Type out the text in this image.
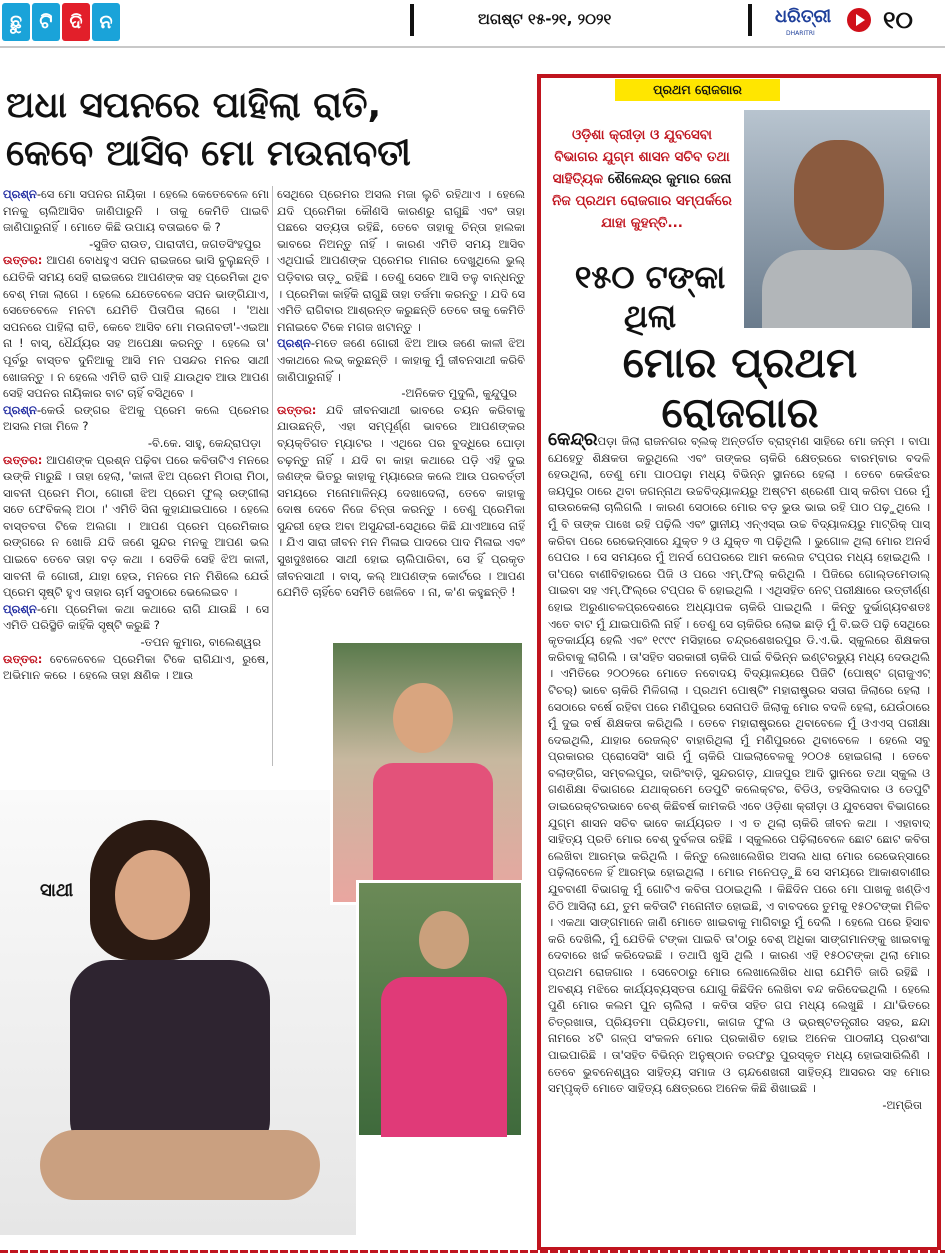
ଛୁ ଟି ଦି ନ	ଅଗଷ୍ଟ ୧୫-୨୧, ୨୦୨୧	ଧରିତ୍ରୀ
DHARITRI	୧୦
ଅଧା ସପନରେ ପାହିଲା ରାତି,
କେବେ ଆସିବ ମୋ ମଉନାବତୀ

ପ୍ରଶ୍ନ-ସେ ମୋ ସପନର ନାୟିକା । ହେଲେ କେତେବେଳେ ମୋ ମନକୁ ଚାଲିଆସିବ ଜାଣିପାରୁନି । ତାକୁ କେମିତି ପାଇବି ଜାଣିପାରୁନାହିଁ । ମୋତେ କିଛି ଉପାୟ ବତାଇବେ କି ?

-ସୁଜିତ ରାଉତ, ପାରାଦୀପ, ଜଗତସିଂହପୁର

ଉତ୍ତର: ଆପଣ ବୋଧହୁଏ ସପନ ରାଇଜରେ ଭାସି ବୁଲୁଛନ୍ତି । ଯେତିକି ସମୟ ସେହି ରାଇଜରେ ଆପଣଙ୍କ ସହ ପ୍ରେମିକା ଥିବ ବେଶ୍ ମଜା ଲାଗେ । ହେଲେ ଯେତେବେଳେ ସପନ ଭାଙ୍ଗିଯାଏ, ସେତେବେଳେ ମନଟା ଯେମିତି ପିତାପିତା ଲାଗେ । 'ଅଧା ସପନରେ ପାହିଲା ରାତି, କେବେ ଆସିବ ମୋ ମଉନାବତୀ'-ଏଇଆ ନା ! ବାସ୍, ଧୈର୍ଯ୍ୟର ସହ ଅପେକ୍ଷା କରନ୍ତୁ । ହେଲେ ତା' ପୂର୍ବରୁ ବାସ୍ତବ ଦୁନିଆକୁ ଆସି ମନ ପସନ୍ଦର ମନର ସାଥୀ ଖୋଜନ୍ତୁ । ନ ହେଲେ ଏମିତି ରାତି ପାହି ଯାଉଥିବ ଆଉ ଆପଣ ସେହି ସପନର ନାୟିକାର ବାଟ ଚାହିଁ ବସିଥିବେ ।

ପ୍ରଶ୍ନ-କେଉଁ ରଙ୍ଗର ଝିଅକୁ ପ୍ରେମ କଲେ ପ୍ରେମର ଅସଲ ମଜା ମିଳେ ?

-ବି.କେ. ସାହୁ, କେନ୍ଦ୍ରାପଡ଼ା

ଉତ୍ତର: ଆପଣଙ୍କ ପ୍ରଶ୍ନ ପଢ଼ିବା ପରେ କବିତାଟିଏ ମନରେ ଉଙ୍କି ମାରୁଛି । ତାହା ହେଲା, 'କାଳୀ ଝିଅ ପ୍ରେମ ମିଠାରା ମିଠା, ସାବନୀ ପ୍ରେମ ମିଠା, ଗୋରୀ ଝିଅ ପ୍ରେମ ଫୁଲ୍ ରଙ୍ଗୀଲା ସତେ ଫେବିକଲ୍ ଅଠା ।' ଏମିତି ସିନା କୁହାଯାଇପାରେ । ହେଲେ ବାସ୍ତବତା ଟିକେ ଅଲଗା । ଆପଣ ପ୍ରେମ ପ୍ରେମିକାର ରଙ୍ଗରେ ନ ଖୋଜି ଯଦି ଜଣେ ସୁନ୍ଦର ମନକୁ ଆପଣ ଭଲ ପାଇବେ ତେବେ ତାହା ବଡ଼ କଥା । ସେତିକି ସେହି ଝିଅ କାଳୀ, ସାବନୀ କି ଗୋରୀ, ଯାହା ହେଉ, ମନରେ ମନ ମିଶିଲେ ଯେଉଁ ପ୍ରେମ ସୃଷ୍ଟି ହୁଏ ତାହାର ଚାର୍ମ ସବୁଠାରେ ଭେଲେଇବ ।

ପ୍ରଶ୍ନ-ମୋ ପ୍ରେମିକା କଥା କଥାରେ ରାଗି ଯାଉଛି । ସେ ଏମିତି ପରିସ୍ଥିତି କାହିଁକି ସୃଷ୍ଟି କରୁଛି ?

-ତପନ କୁମାର, ବାଲେଶ୍ୱର

ଉତ୍ତର: ବେଳେବେଳେ ପ୍ରେମିକା ଟିକେ ରାଗିଯାଏ, ରୁଷେ, ଅଭିମାନ କରେ । ହେଲେ ତାହା କ୍ଷଣିକ । ଆଉ

ସେଥିରେ ପ୍ରେମର ଅସଲ ମଜା ଲୁଚି ରହିଥାଏ । ହେଲେ ଯଦି ପ୍ରେମିକା କୌଣସି କାରଣରୁ ରାଗୁଛି ଏବଂ ତାହା ପଛରେ ସତ୍ୟତା ରହିଛି, ତେବେ ତାହାକୁ ଚିନ୍ତା ହାଲକା ଭାବରେ ନିଅନ୍ତୁ ନାହିଁ । କାରଣ ଏମିତି ସମୟ ଆସିବ ଏଥିପାଇଁ ଆପଣଙ୍କ ପ୍ରେମର ମାନାର ଦେଖୁଥିଲେ ଭୁଲ୍ ପଡ଼ିବାର ତାଡ଼ୁ ରହିଛି । ତେଣୁ ସେବେ ଆସି ତଳୁ ବାନ୍ଧନ୍ତୁ । ପ୍ରେମିକା କାହିଁକି ରାଗୁଛି ତାହା ତର୍ଜମା କରନ୍ତୁ । ଯଦି ସେ ଏମିତି ରାଗିବାର ଆଶ୍ରନ୍ତ କରୁଛନ୍ତି ତେବେ ତାକୁ କେମିତି ମନାଇବେ ଟିକେ ମଗଜ ଖଟାନ୍ତୁ ।

ପ୍ରଶ୍ନ-ମତେ ଜଣେ ଗୋରୀ ଝିଅ ଆଉ ଜଣେ କାଳୀ ଝିଅ ଏକାଥରେ ଲଭ୍ କରୁଛନ୍ତି । କାହାକୁ ମୁଁ ଜୀବନସାଥୀ କରିବି ଜାଣିପାରୁନାହିଁ ।

-ଅନିକେତ ମୁଦୁଲି, କୁନ୍ଦୁପୁର

ଉତ୍ତର: ଯଦି ଜୀବନସାଥୀ ଭାବରେ ଚୟନ କରିବାକୁ ଯାଉଛନ୍ତି, ଏହା ସମ୍ପୂର୍ଣ୍ଣ ଭାବରେ ଆପଣଙ୍କର ବ୍ୟକ୍ତିଗତ ମ୍ୟାଟର । ଏଥିରେ ପର ବୁଦ୍ଧିରେ ଘୋଡ଼ା ଚଢ଼ନ୍ତୁ ନାହିଁ । ଯଦି ବା କାହା କଥାରେ ପଡ଼ି ଏହି ଦୁଇ ଜଣଙ୍କ ଭିତରୁ କାହାକୁ ମ୍ୟାରେଜ କଲେ ଆଉ ପରବର୍ତ୍ତୀ ସମୟରେ ମନୋମାଳିନ୍ୟ ଦେଖାଦେଲା, ତେବେ କାହାକୁ ଦୋଷ ଦେବେ ନିଜେ ଚିନ୍ତା କରନ୍ତୁ । ତେଣୁ ପ୍ରେମିକା ସୁନ୍ଦରୀ ହେଉ ଅବା ଅସୁନ୍ଦରୀ-ସେଥିରେ କିଛି ଯାଏଆସେ ନାହିଁ । ଯିଏ ସାରା ଜୀବନ ମନ ମିଳାଇ ପାଦରେ ପାଦ ମିଳାଇ ଏବଂ ସୁଖଦୁଃଖରେ ସାଥୀ ହୋଇ ଚାଲିପାରିବା, ସେ ହିଁ ପ୍ରକୃତ ଜୀବନସାଥୀ । ବାସ୍, କଲ୍ ଆପଣଙ୍କ କୋର୍ଟରେ । ଆପଣ ଯେମିତି ଚାହିଁବେ ସେମିତି ଖେଳିବେ । ନା, କ'ଣ କହୁଛନ୍ତି !

ସାଥୀ
ପ୍ରଥମ ରୋଜଗାର
ଓଡ଼ିଶା କ୍ରୀଡ଼ା ଓ ଯୁବସେବା ବିଭାଗର ଯୁଗ୍ମ ଶାସନ ସଚିବ ତଥା ସାହିତ୍ୟିକ ଶୈଳେନ୍ଦ୍ର କୁମାର ଜେନା ନିଜ ପ୍ରଥମ ରୋଜଗାର ସମ୍ପର୍କରେ ଯାହା କୁହନ୍ତି...
୧୫୦ ଟଙ୍କା ଥିଲା
ମୋର ପ୍ରଥମ ରୋଜଗାର

କେନ୍ଦ୍ରପଡ଼ା ଜିଲା ରାଜନଗର ବ୍ଲକ୍ ଅନ୍ତର୍ଗତ ବ୍ରାହ୍ମଣ ସାହିରେ ମୋ ଜନ୍ମ । ବାପା ଯେହେତୁ ଶିକ୍ଷକତା କରୁଥିଲେ ଏବଂ ତାଙ୍କର ଚାକିରି କ୍ଷେତ୍ରରେ ବାରମ୍ବାର ବଦଳି ହେଉଥିଲା, ତେଣୁ ମୋ ପାଠପଢ଼ା ମଧ୍ୟ ବିଭିନ୍ନ ସ୍ଥାନରେ ହେଲା । ତେବେ କେଉଁଝର ଜୟପୁର ଠାରେ ଥିବା ଜଗନ୍ନାଥ ଉଚ୍ଚବିଦ୍ୟାଳୟରୁ ଅଷ୍ଟମ ଶ୍ରେଣୀ ପାସ୍ କରିବା ପରେ ମୁଁ ରାଉରକେଲା ଚାଲିଗଲି । କାରଣ ସେଠାରେ ମୋର ବଡ଼ ଭୁଉ ଭାଇ ରହି ପାଠ ପଢ଼ୁଥିଲେ । ମୁଁ ବି ତାଙ୍କ ପାଖେ ରହି ପଢ଼ିଲି ଏବଂ ସ୍ଥାନୀୟ ଏନ୍ଏସ୍ଇ ଉଚ୍ଚ ବିଦ୍ୟାଳୟରୁ ମାଟ୍ରିକ୍ ପାସ୍ କରିବା ପରେ ରେଭେନ୍ସାରେ ଯୁକ୍ତ ୨ ଓ ଯୁକ୍ତ ୩ ପଢ଼ିଥିଲି । ଭୁଗୋଳ ଥିଲା ମୋର ଅନର୍ସ ପେପର । ସେ ସମୟରେ ମୁଁ ଅନର୍ସ ପେପରରେ ଆମ କଲେଜ ଟପ୍ପର ମଧ୍ୟ ହୋଇଥିଲି । ତା'ପରେ ବାଣୀବିହାରରେ ପିଜି ଓ ପରେ ଏମ୍.ଫିଲ୍ କରିଥିଲି । ପିଜିରେ ଗୋଲ୍ଡମେଡାଲ୍ ପାଇବା ସହ ଏମ୍.ଫିଲ୍‌ରେ ଟପ୍ପର ବି ହୋଇଥିଲି । ଏଥିସହିତ ନେଟ୍ ପରୀକ୍ଷାରେ ଉତ୍ତୀର୍ଣ୍ଣ ହୋଇ ଅରୁଣାଚଳପ୍ରଦେଶରେ ଅଧ୍ୟାପକ ଚାକିରି ପାଇଥିଲି । କିନ୍ତୁ ଦୁର୍ଭାଗ୍ୟବଶତଃ ଏତେ ବାଟ ମୁଁ ଯାଇପାରିଲି ନାହିଁ । ତେଣୁ ସେ ଚାକିରିର ଲୋଭ ଛାଡ଼ି ମୁଁ ବି.ଇଡି ପଢ଼ି ସେଥିରେ କୃତକାର୍ଯ୍ୟ ହେଲି ଏବଂ ୧୯୯୯ ମସିହାରେ ଚନ୍ଦ୍ରଶେଖରପୁର ଡି.ଏ.ଭି. ସ୍କୁଲରେ ଶିକ୍ଷକତା କରିବାକୁ ଲାଗିଲି । ତା'ସହିତ ସରକାରୀ ଚାକିରି ପାଇଁ ବିଭିନ୍ନ ଇଣ୍ଟରଭ୍ୟୁ ମଧ୍ୟ ଦେଉଥିଲି । ଏମିତିରେ ୨୦୦୨ରେ ମୋତେ ନବୋଦୟ ବିଦ୍ୟାଳୟରେ ପିଜିଟି (ପୋଷ୍ଟ ଗ୍ରାଜୁଏଟ୍ ଟିଚର୍) ଭାବେ ଚାକିରି ମିଳିଗଲା । ପ୍ରଥମ ପୋଷ୍ଟିଂ ମହାରାଷ୍ଟ୍ରର ସତାରା ଜିଲାରେ ହେଲା । ସେଠାରେ ବର୍ଷେ ରହିବା ପରେ ମଣିପୁରର ସେନାପତି ଜିଲାକୁ ମୋର ବଦଳି ହେଲା, ଯେଉଁଠାରେ ମୁଁ ଦୁଇ ବର୍ଷ ଶିକ୍ଷକତା କରିଥିଲି । ତେବେ ମହାରାଷ୍ଟ୍ରରେ ଥିବାବେଳେ ମୁଁ ଓଏଏସ୍ ପରୀକ୍ଷା ଦେଇଥିଲି, ଯାହାର ରେଜଲ୍ଟ ବାହାରିଥିଲା ମୁଁ ମଣିପୁରରେ ଥିବାବେଳେ । ହେଲେ ସବୁ ପ୍ରକାରର ପ୍ରୋସେସିଂ ସାରି ମୁଁ ଚାକିରି ପାଇଲାବେଳକୁ ୨୦୦୫ ହୋଇଗଲା । ତେବେ ବଲାଙ୍ଗିର, ସମ୍ବଲପୁର, ଦାରିଂବାଡ଼ି, ସୁନ୍ଦରଗଡ଼, ଯାଜପୁର ଆଦି ସ୍ଥାନରେ ତଥା ସ୍କୁଲ ଓ ଗଣଶିକ୍ଷା ବିଭାଗରେ ଯଥାକ୍ରମେ ଡେପୁଟି କଲେକ୍ଟର, ବିଡିଓ, ତହସିଲଦାର ଓ ଡେପୁଟି ଡାଇରେକ୍ଟରଭାବେ ବେଶ୍ କିଛିବର୍ଷ କାମକରି ଏବେ ଓଡ଼ିଶା କ୍ରୀଡ଼ା ଓ ଯୁବସେବା ବିଭାଗରେ ଯୁଗ୍ମ ଶାସନ ସଚିବ ଭାବେ କାର୍ଯ୍ୟରତ । ଏ ତ ଥିଲା ଚାକିରି ଜୀବନ କଥା । ଏହାବାଦ୍ ସାହିତ୍ୟ ପ୍ରତି ମୋର ବେଶ୍ ଦୁର୍ବଳତା ରହିଛି । ସ୍କୁଲରେ ପଢ଼ିଲାବେଳେ ଛୋଟ ଛୋଟ କବିତା ଲେଖିବା ଆରମ୍ଭ କରିଥିଲି । କିନ୍ତୁ ଲେଖାଲେଖିର ଅସଲ ଧାରା ମୋର ରେଭେନ୍ସାରେ ପଢ଼ିଲାବେଳେ ହିଁ ଆରମ୍ଭ ହୋଇଥିଲା । ମୋର ମନେପଡ଼ୁଛି ସେ ସମୟରେ ଆକାଶବାଣୀର ଯୁବବାଣୀ ବିଭାଗକୁ ମୁଁ ଗୋଟିଏ କବିତା ପଠାଇଥିଲି । କିଛିଦିନ ପରେ ମୋ ପାଖକୁ ଖଣ୍ଡିଏ ଚିଠି ଆସିଲା ଯେ, ତୁମ କବିତାଟି ମନୋନୀତ ହୋଇଛି, ଏ ବାବଦରେ ତୁମକୁ ୧୫୦ଟଙ୍କା ମିଳିବ । ଏକଥା ସାଙ୍ଗମାନେ ଜାଣି ମୋତେ ଖାଇବାକୁ ମାଗିବାରୁ ମୁଁ ଦେଲି । ହେଲେ ପରେ ହିସାବ କରି ଦେଖିଲି, ମୁଁ ଯେତିକି ଟଙ୍କା ପାଇବି ତା'ଠାରୁ ବେଶ୍ ଅଧିକା ସାଙ୍ଗମାନଙ୍କୁ ଖାଇବାକୁ ଦେବାରେ ଖର୍ଚ୍ଚ କରିଦେଇଛି । ତଥାପି ଖୁସି ଥିଲି । କାରଣ ଏହି ୧୫୦ଟଙ୍କା ଥିଲା ମୋର ପ୍ରଥମ ରୋଜଗାର । ସେବେଠାରୁ ମୋର ଲେଖାଲେଖିର ଧାରା ଯେମିତି ଜାରି ରହିଛି । ଅବଶ୍ୟ ମଝିରେ କାର୍ଯ୍ୟବ୍ୟସ୍ତତା ଯୋଗୁ କିଛିଦିନ ଲେଖିବା ବନ୍ଦ କରିଦେଇଥିଲି । ହେଲେ ପୁଣି ମୋର କଲମ ପୁନ ଚାଲିଲା । କବିତା ସହିତ ଗପ ମଧ୍ୟ ଲେଖୁଛି । ଯା'ଭିତରେ ଚିତ୍ରଖାତା, ପ୍ରିୟତମା ପ୍ରିୟତମା, କାଗଜ ଫୁଲ ଓ ଭ୍ରଷ୍ଟତନ୍ତ୍ରୀର ସହର, ଛନ୍ଦା ନାମରେ ୪ଟି ଗଳ୍ପ ସଂକଳନ ମୋର ପ୍ରକାଶିତ ହୋଇ ଅନେକ ପାଠକୀୟ ପ୍ରଶଂସା ପାଇପାରିଛି । ତା'ସହିତ ବିଭିନ୍ନ ଅନୁଷ୍ଠାନ ତରଫରୁ ପୁରସ୍କୃତ ମଧ୍ୟ ହୋଇସାରିଲିଣି । ତେବେ ଭୁବନେଶ୍ୱର ସାହିତ୍ୟ ସମାଜ ଓ ଚାନ୍ଦଶେଖରୀ ସାହିତ୍ୟ ଆସରର ସହ ମୋର ସମ୍ପୃକ୍ତି ମୋତେ ସାହିତ୍ୟ କ୍ଷେତ୍ରରେ ଅନେକ କିଛି ଶିଖାଇଛି ।

-ଅମ୍ରିତା
